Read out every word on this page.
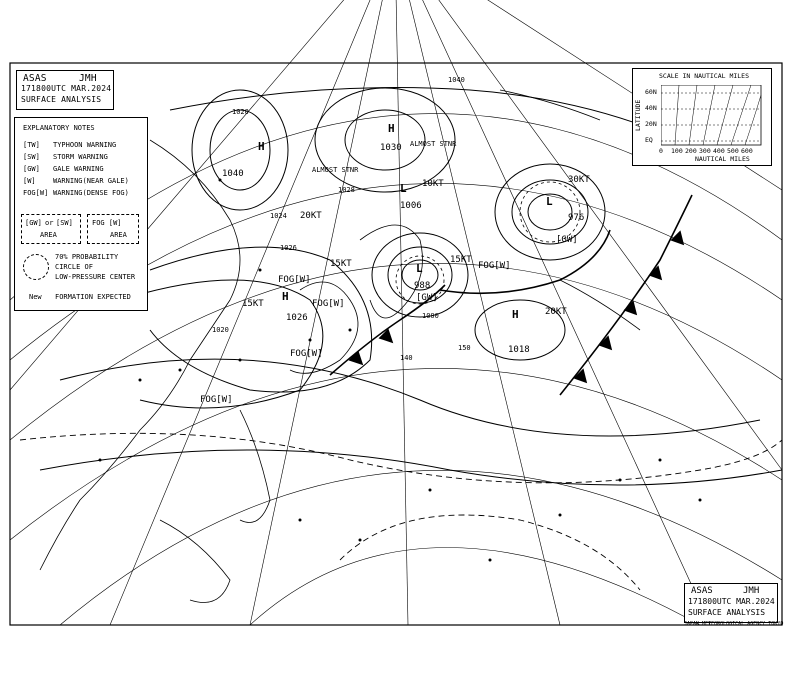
H
1030
H
1026
H
1040
H
1018
L
988
L
976
L
1006
1020
1024
1028
1026
1020
1000
1040
20KT
15KT
15KT
10KT
20KT
15KT
30KT
FOG[W]
FOG[W]
FOG[W]
FOG[W]
FOG[W]
[GW]
[GW]
ALMOST STNR
ALMOST STNR
140
150
ASAS	JMH
171800UTC MAR.2024
SURFACE ANALYSIS
EXPLANATORY NOTES
[TW] TYPHOON WARNING
[SW] STORM WARNING
[GW] GALE WARNING
[W] WARNING(NEAR GALE)
FOG[W] WARNING(DENSE FOG)
[GW] or [SW]
AREA
FOG [W]
AREA
70% PROBABILITY
CIRCLE OF
LOW-PRESSURE CENTER
New FORMATION EXPECTED
SCALE IN NAUTICAL MILES
LATITUDE
60N
40N
20N
EQ
0 100 200 300 400 500 600
NAUTICAL MILES
ASAS	JMH
171800UTC MAR.2024
SURFACE ANALYSIS
JAPAN METEOROLOGICAL AGENCY TOKYO
